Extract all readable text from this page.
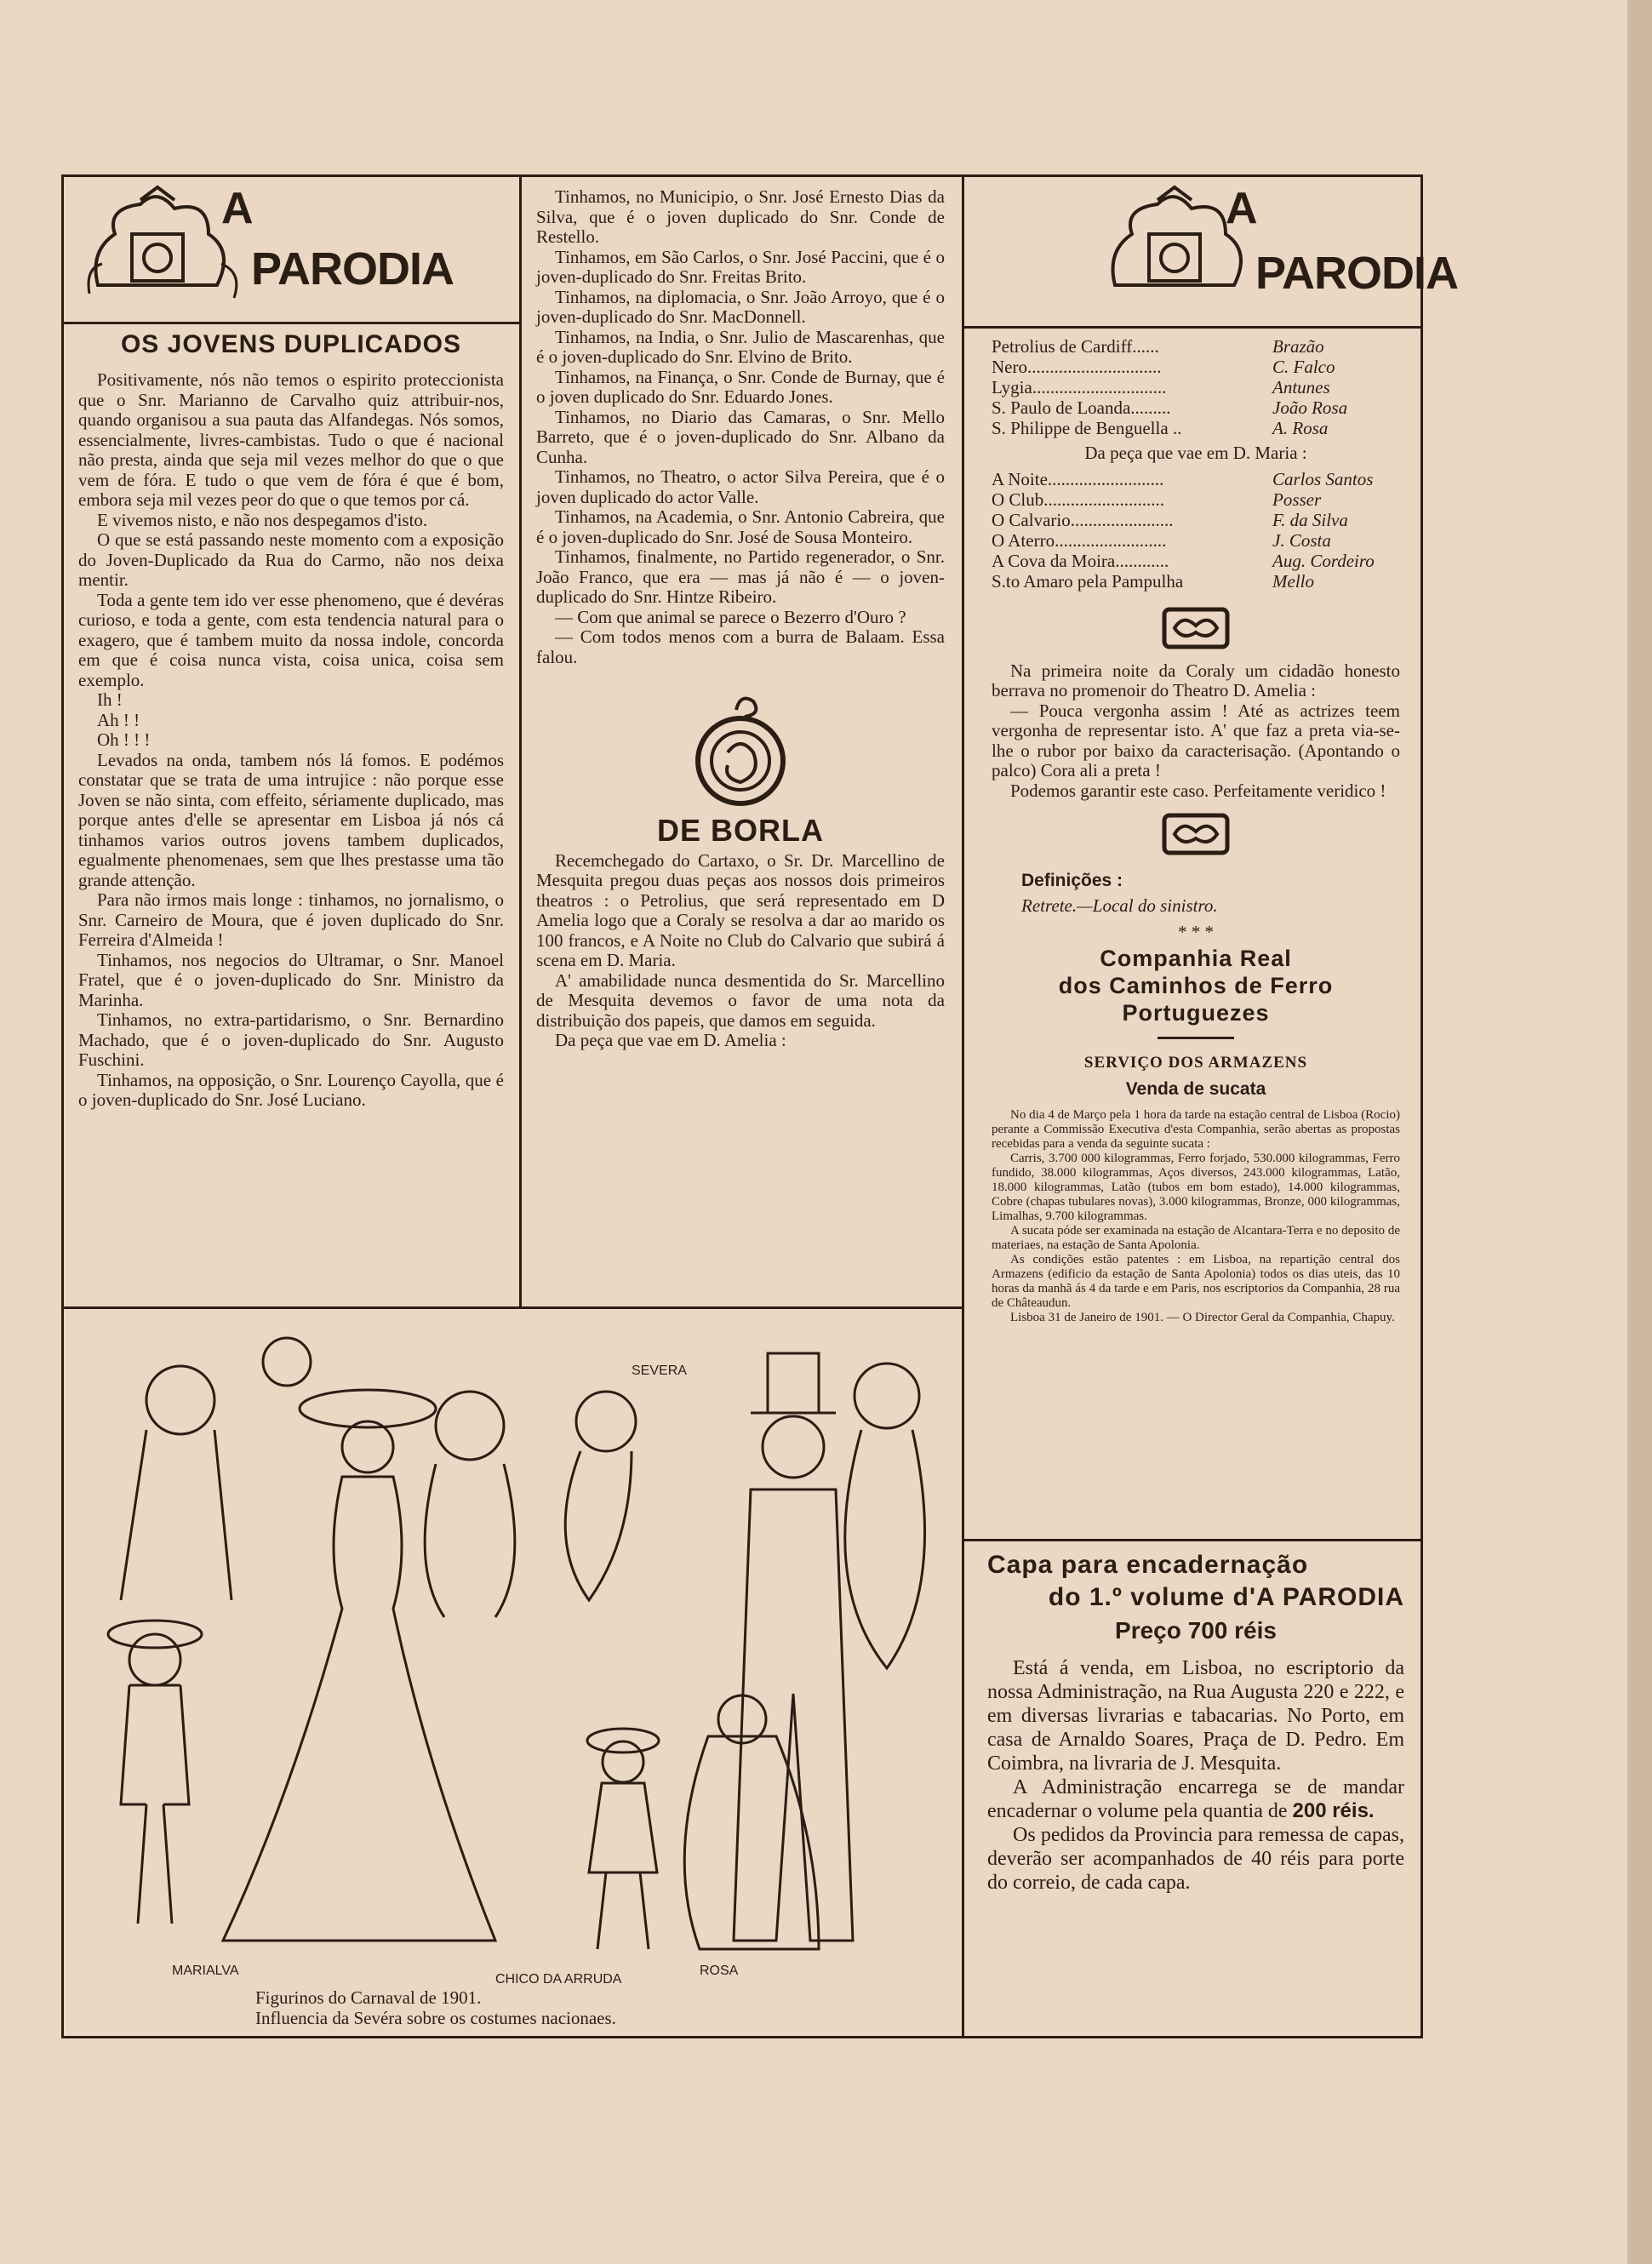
A
PARODIA
OS JOVENS DUPLICADOS

Positivamente, nós não temos o espirito proteccionista que o Snr. Marianno de Carvalho quiz attribuir-nos, quando organisou a sua pauta das Alfandegas. Nós somos, essencialmente, livres-cambistas. Tudo o que é nacional não presta, ainda que seja mil vezes melhor do que o que vem de fóra. E tudo o que vem de fóra é que é bom, embora seja mil vezes peor do que o que temos por cá.

E vivemos nisto, e não nos despegamos d'isto.

O que se está passando neste momento com a exposição do Joven-Duplicado da Rua do Carmo, não nos deixa mentir.

Toda a gente tem ido ver esse phenomeno, que é devéras curioso, e toda a gente, com esta tendencia natural para o exagero, que é tambem muito da nossa indole, concorda em que é coisa nunca vista, coisa unica, coisa sem exemplo.

Ih !

Ah ! !

Oh ! ! !

Levados na onda, tambem nós lá fomos. E podémos constatar que se trata de uma intrujice : não porque esse Joven se não sinta, com effeito, sériamente duplicado, mas porque antes d'elle se apresentar em Lisboa já nós cá tinhamos varios outros jovens tambem duplicados, egualmente phenomenaes, sem que lhes prestasse uma tão grande attenção.

Para não irmos mais longe : tinhamos, no jornalismo, o Snr. Carneiro de Moura, que é joven duplicado do Snr. Ferreira d'Almeida !

Tinhamos, nos negocios do Ultramar, o Snr. Manoel Fratel, que é o joven-duplicado do Snr. Ministro da Marinha.

Tinhamos, no extra-partidarismo, o Snr. Bernardino Machado, que é o joven-duplicado do Snr. Augusto Fuschini.

Tinhamos, na opposição, o Snr. Lourenço Cayolla, que é o joven-duplicado do Snr. José Luciano.

Tinhamos, no Municipio, o Snr. José Ernesto Dias da Silva, que é o joven duplicado do Snr. Conde de Restello.

Tinhamos, em São Carlos, o Snr. José Paccini, que é o joven-duplicado do Snr. Freitas Brito.

Tinhamos, na diplomacia, o Snr. João Arroyo, que é o joven-duplicado do Snr. MacDonnell.

Tinhamos, na India, o Snr. Julio de Mascarenhas, que é o joven-duplicado do Snr. Elvino de Brito.

Tinhamos, na Finança, o Snr. Conde de Burnay, que é o joven duplicado do Snr. Eduardo Jones.

Tinhamos, no Diario das Camaras, o Snr. Mello Barreto, que é o joven-duplicado do Snr. Albano da Cunha.

Tinhamos, no Theatro, o actor Silva Pereira, que é o joven duplicado do actor Valle.

Tinhamos, na Academia, o Snr. Antonio Cabreira, que é o joven-duplicado do Snr. José de Sousa Monteiro.

Tinhamos, finalmente, no Partido regenerador, o Snr. João Franco, que era — mas já não é — o joven-duplicado do Snr. Hintze Ribeiro.

— Com que animal se parece o Bezerro d'Ouro ?

— Com todos menos com a burra de Balaam. Essa falou.

DE BORLA

Recemchegado do Cartaxo, o Sr. Dr. Marcellino de Mesquita pregou duas peças aos nossos dois primeiros theatros : o Petrolius, que será representado em D Amelia logo que a Coraly se resolva a dar ao marido os 100 francos, e A Noite no Club do Calvario que subirá á scena em D. Maria.

A' amabilidade nunca desmentida do Sr. Marcellino de Mesquita devemos o favor de uma nota da distribuição dos papeis, que damos em seguida.

Da peça que vae em D. Amelia :

A
PARODIA
Petrolius de Cardiff......	Brazão
Nero..............................	C. Falco
Lygia..............................	Antunes
S. Paulo de Loanda.........	João Rosa
S. Philippe de Benguella ..	A. Rosa

Da peça que vae em D. Maria :

A Noite..........................	Carlos Santos
O Club...........................	Posser
O Calvario.......................	F. da Silva
O Aterro.........................	J. Costa
A Cova da Moira............	Aug. Cordeiro
S.to Amaro pela Pampulha	Mello

Na primeira noite da Coraly um cidadão honesto berrava no promenoir do Theatro D. Amelia :

— Pouca vergonha assim ! Até as actrizes teem vergonha de representar isto. A' que faz a preta via-se-lhe o rubor por baixo da caracterisação. (Apontando o palco) Cora ali a preta !

Podemos garantir este caso. Perfeitamente veridico !

Definições :

Retrete.—Local do sinistro.

* * *

Companhia Real
dos Caminhos de Ferro Portuguezes
SERVIÇO DOS ARMAZENS
Venda de sucata

No dia 4 de Março pela 1 hora da tarde na estação central de Lisboa (Rocio) perante a Commissão Executiva d'esta Companhia, serão abertas as propostas recebidas para a venda da seguinte sucata :

Carris, 3.700 000 kilogrammas, Ferro forjado, 530.000 kilogrammas, Ferro fundido, 38.000 kilogrammas, Aços diversos, 243.000 kilogrammas, Latão, 18.000 kilogrammas, Latão (tubos em bom estado), 14.000 kilogrammas, Cobre (chapas tubulares novas), 3.000 kilogrammas, Bronze, 000 kilogrammas, Limalhas, 9.700 kilogrammas.

A sucata póde ser examinada na estação de Alcantara-Terra e no deposito de materiaes, na estação de Santa Apolonia.

As condições estão patentes : em Lisboa, na repartição central dos Armazens (edificio da estação de Santa Apolonia) todos os dias uteis, das 10 horas da manhã ás 4 da tarde e em Paris, nos escriptorios da Companhia, 28 rua de Châteaudun.

Lisboa 31 de Janeiro de 1901. — O Director Geral da Companhia, Chapuy.

SEVERA
MARIALVA
CHICO DA ARRUDA
ROSA
Figurinos do Carnaval de 1901.
Influencia da Sevéra sobre os costumes nacionaes.
Capa para encadernação
do 1.º volume d'A PARODIA
Preço 700 réis

Está á venda, em Lisboa, no escriptorio da nossa Administração, na Rua Augusta 220 e 222, e em diversas livrarias e tabacarias. No Porto, em casa de Arnaldo Soares, Praça de D. Pedro. Em Coimbra, na livraria de J. Mesquita.

A Administração encarrega se de mandar encadernar o volume pela quantia de 200 réis.

Os pedidos da Provincia para remessa de capas, deverão ser acompanhados de 40 réis para porte do correio, de cada capa.
